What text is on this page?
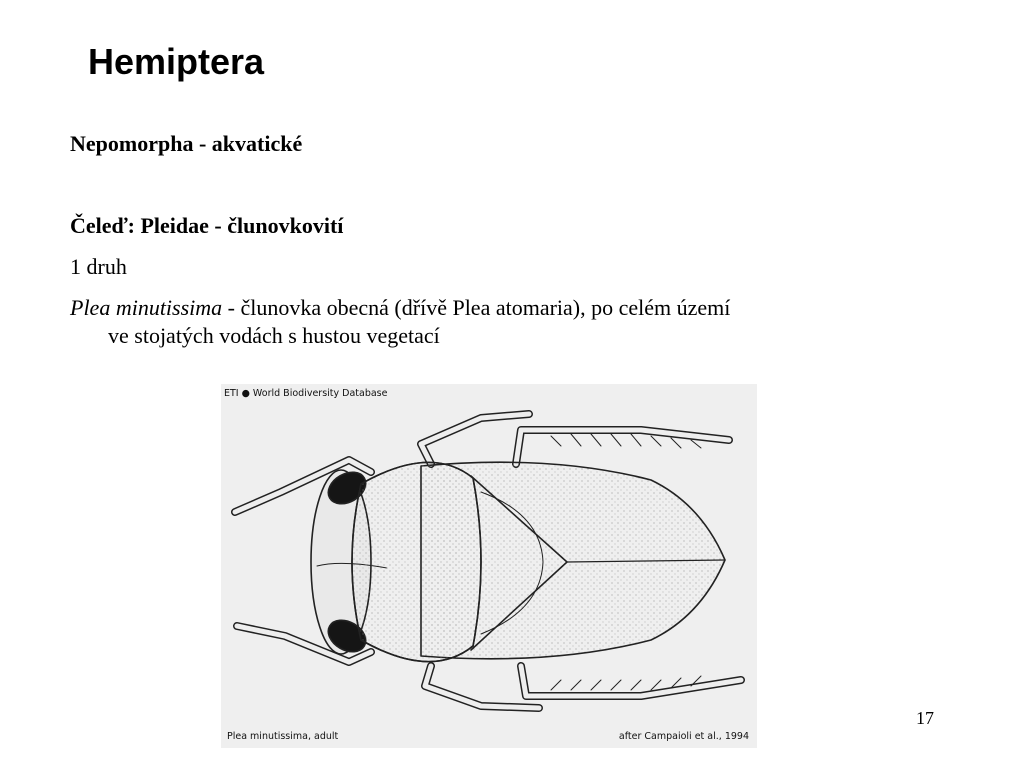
Hemiptera

Nepomorpha - akvatické

Čeleď: Pleidae - člunovkovití

1 druh

Plea minutissima - člunovka obecná (dřívě Plea atomaria), po celém území
ve stojatých vodách s hustou vegetací

ETI ● World Biodiversity Database
Plea minutissima, adult	after Campaioli et al., 1994
17
